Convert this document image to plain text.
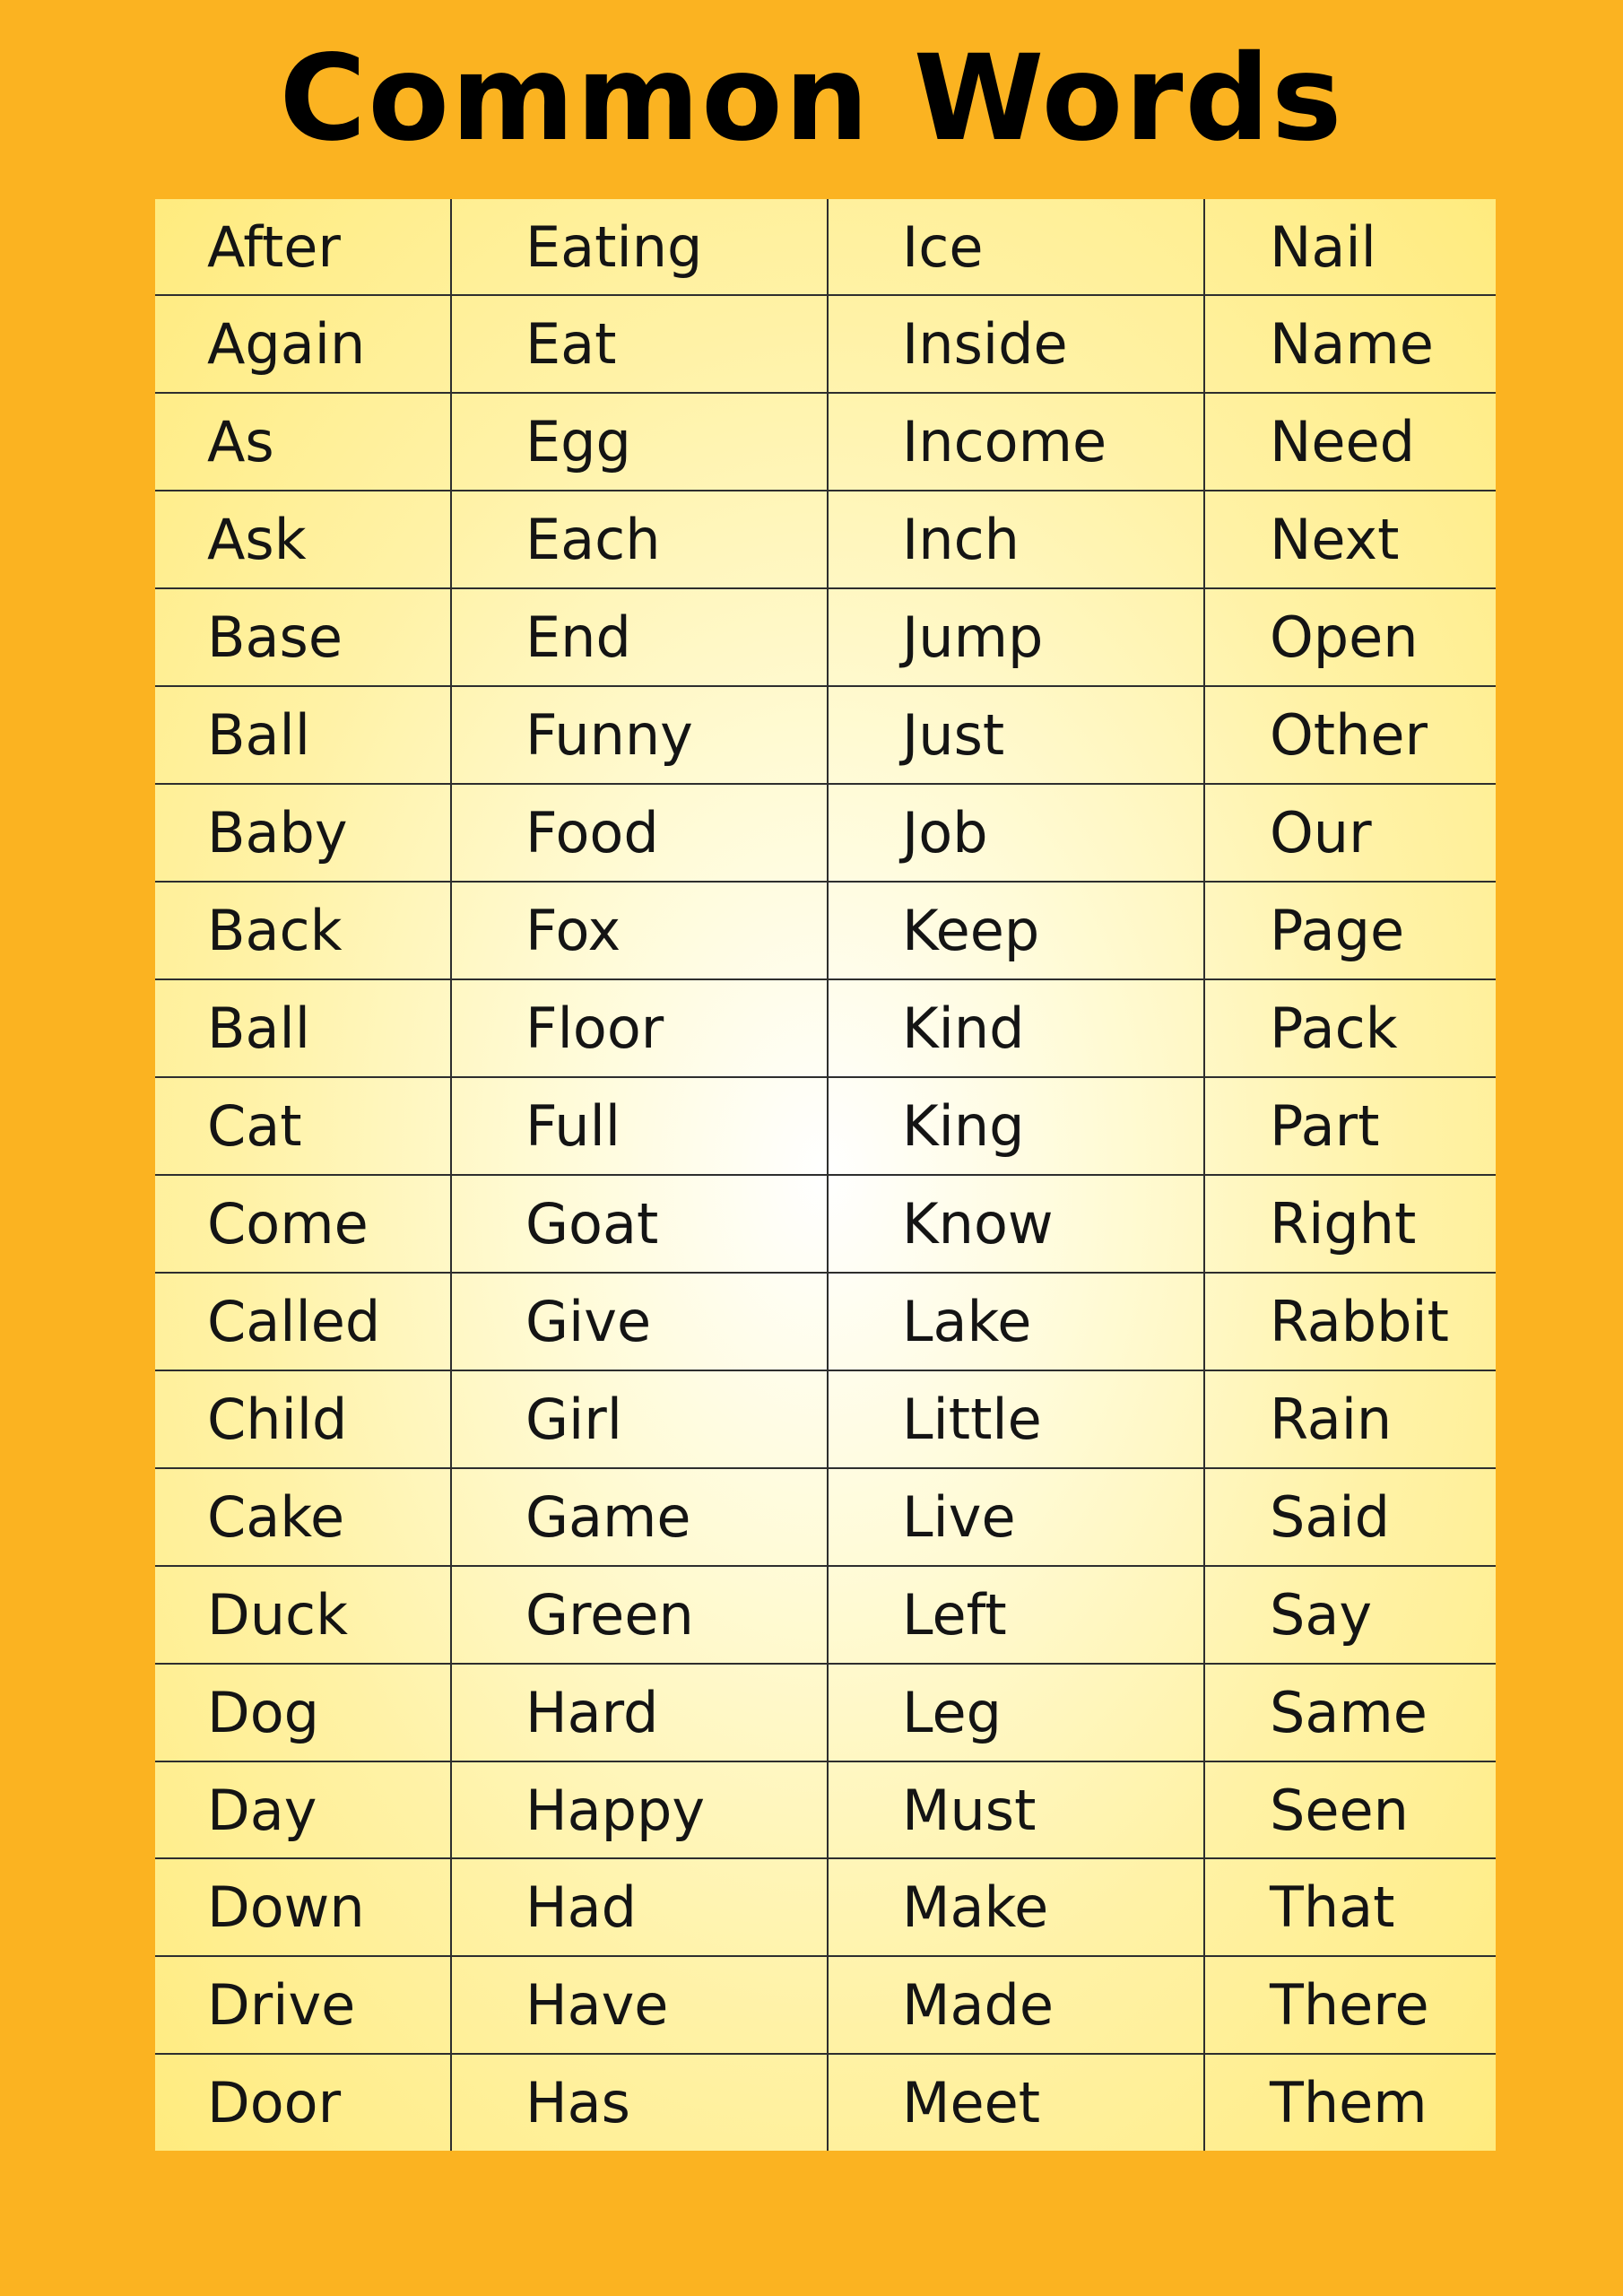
Common Words
After	Eating	Ice	Nail
Again	Eat	Inside	Name
As	Egg	Income	Need
Ask	Each	Inch	Next
Base	End	Jump	Open
Ball	Funny	Just	Other
Baby	Food	Job	Our
Back	Fox	Keep	Page
Ball	Floor	Kind	Pack
Cat	Full	King	Part
Come	Goat	Know	Right
Called	Give	Lake	Rabbit
Child	Girl	Little	Rain
Cake	Game	Live	Said
Duck	Green	Left	Say
Dog	Hard	Leg	Same
Day	Happy	Must	Seen
Down	Had	Make	That
Drive	Have	Made	There
Door	Has	Meet	Them
